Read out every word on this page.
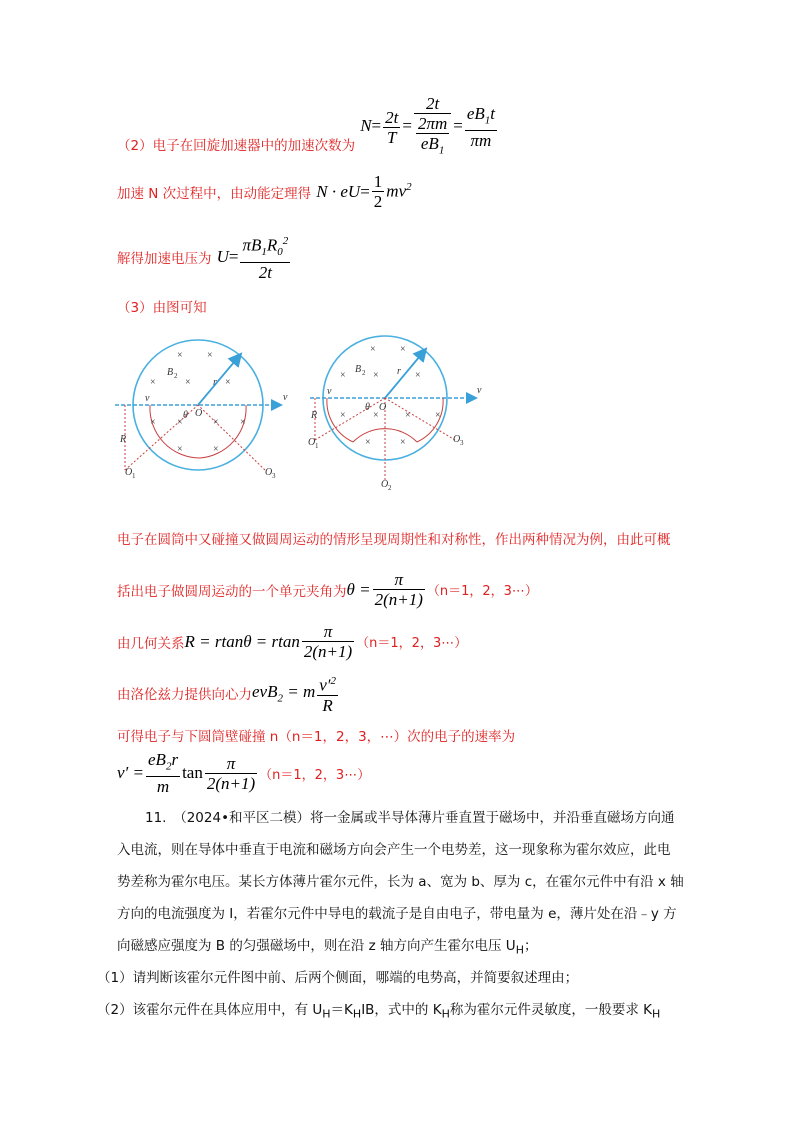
（2）电子在回旋加速器中的加速次数为 $N= \frac{2t}{T} = \frac{2t}{\frac{2\pi m}{eB_1}} = \frac{eB_1t}{\pi m}$
加速 N 次过程中，由动能定理得 $N \cdot eU= \frac{1}{2} mv^2$
解得加速电压为 $U= \frac{\pi B_1R_0^2}{2t}$
（3）由图可知
× ×
×	×	×
×	×
×	×
×	×
B 2
r
v	v
R
θ O
O 1	O 3
× ×
×	×	×
×	×	× ×
×	×
B 2	r
v	v
R
θ O
O 1
O 3
O 2
电子在圆筒中又碰撞又做圆周运动的情形呈现周期性和对称性，作出两种情况为例，由此可概
括出电子做圆周运动的一个单元夹角为$\theta = \frac{\pi}{2(n+1)} (n=1$，2，3⋯）
由几何关系R = rtanθ = rtan $\frac{\pi}{2(n+1)} (n=1$，2，3⋯）
由洛伦兹力提供向心力evB$_2$ = m $\frac{v'^2}{R}$
可得电子与下圆筒壁碰撞 n（n＝1，2，3，⋯）次的电子的速率为
$v' = \frac{eB_2r}{m}$ $\tan \frac{\pi}{2(n+1)} (n=1$，2，3⋯）
11.　（2024•和平区二模）将一金属或半导体薄片垂直置于磁场中，并沿垂直磁场方向通
入电流，则在导体中垂直于电流和磁场方向会产生一个电势差，这一现象称为霍尔效应，此电
势差称为霍尔电压。某长方体薄片霍尔元件，长为 a、宽为 b、厚为 c，在霍尔元件中有沿 x 轴
方向的电流强度为 I，若霍尔元件中导电的载流子是自由电子，带电量为 e，薄片处在沿﹣y 方
向磁感应强度为 B 的匀强磁场中，则在沿 z 轴方向产生霍尔电压 $U_H$；
（1）请判断该霍尔元件图中前、后两个侧面，哪端的电势高，并简要叙述理由；
（2）该霍尔元件在具体应用中，有 $U_H=K_HIB$，式中的 $K_H$称为霍尔元件灵敏度，一般要求 $K_H$
